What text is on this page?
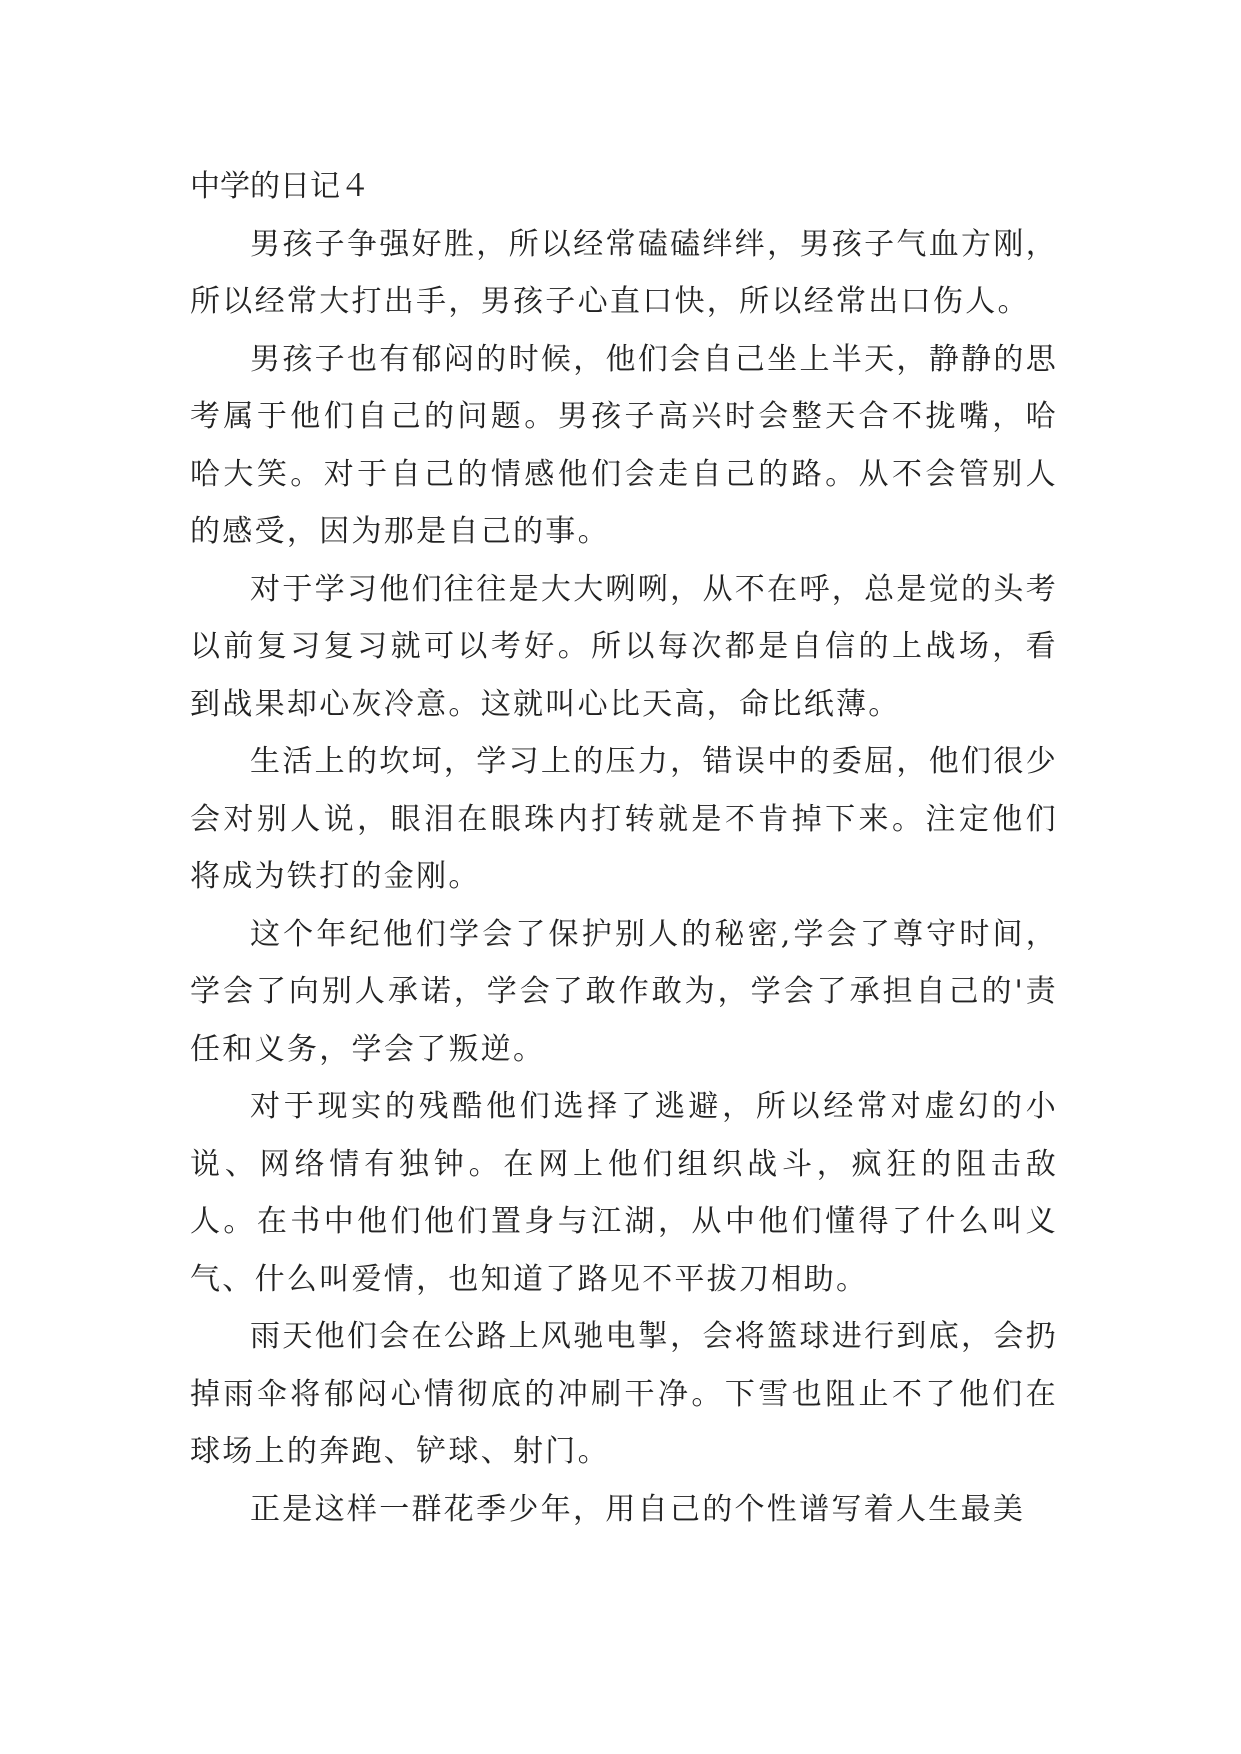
中学的日记４

男孩子争强好胜，所以经常磕磕绊绊，男孩子气血方刚，所以经常大打出手，男孩子心直口快，所以经常出口伤人。

男孩子也有郁闷的时候，他们会自己坐上半天，静静的思考属于他们自己的问题。男孩子高兴时会整天合不拢嘴，哈哈大笑。对于自己的情感他们会走自己的路。从不会管别人的感受，因为那是自己的事。

对于学习他们往往是大大咧咧，从不在呼，总是觉的头考以前复习复习就可以考好。所以每次都是自信的上战场，看到战果却心灰冷意。这就叫心比天高，命比纸薄。

生活上的坎坷，学习上的压力，错误中的委屈，他们很少会对别人说，眼泪在眼珠内打转就是不肯掉下来。注定他们将成为铁打的金刚。

这个年纪他们学会了保护别人的秘密,学会了尊守时间，学会了向别人承诺，学会了敢作敢为，学会了承担自己的'责任和义务，学会了叛逆。

对于现实的残酷他们选择了逃避，所以经常对虚幻的小说、网络情有独钟。在网上他们组织战斗，疯狂的阻击敌人。在书中他们他们置身与江湖，从中他们懂得了什么叫义气、什么叫爱情，也知道了路见不平拔刀相助。

雨天他们会在公路上风驰电掣，会将篮球进行到底，会扔掉雨伞将郁闷心情彻底的冲刷干净。下雪也阻止不了他们在球场上的奔跑、铲球、射门。

正是这样一群花季少年，用自己的个性谱写着人生最美
